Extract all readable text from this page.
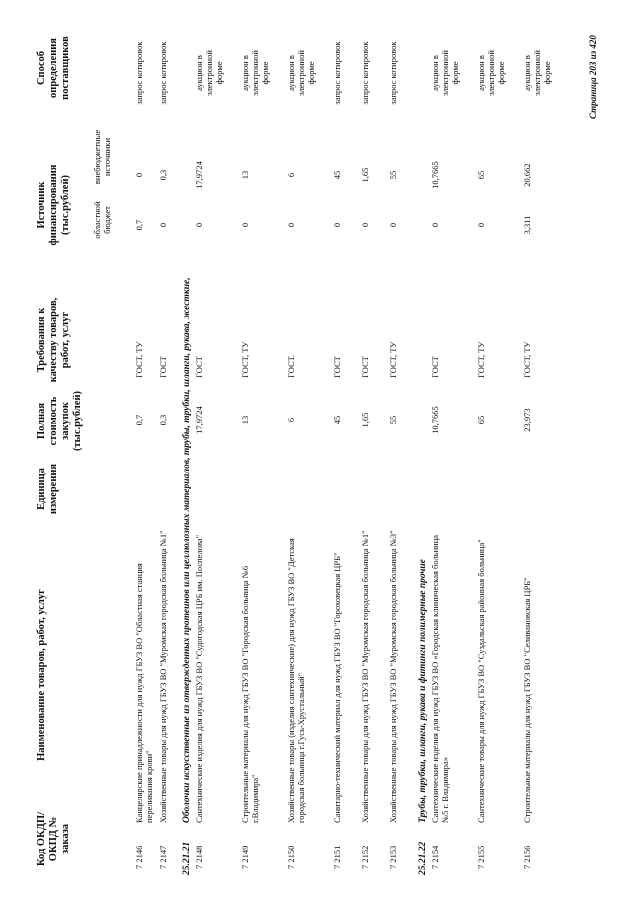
Код ОКДП/ ОКПД № заказа
Наименование товаров, работ, услуг
Единица измерения
Полная стоимость закупок (тыс.рублей)
Требования к качеству товаров, работ, услуг
Источник финансирования (тыс.рублей) областной бюджет
внебюджетные источники
Способ определения поставщиков
7 2146
Канцелярские принадлежности для нужд ГБУЗ ВО "Областная станция переливания крови"
0,7
ГОСТ, ТУ
0,7
0
запрос котировок
7 2147
Хозяйственные товары для нужд ГБУЗ ВО "Муромская городская больница №1"
0,3
ГОСТ
0
0,3
запрос котировок
25.21.21
Оболочки искусственные из отвержденных протеинов или целлюлозных материалов, трубы, трубки, шланги, рукава, жесткие,
7 2148
Сантехнические изделия для нужд ГБУЗ ВО "Судогодская ЦРБ им. Поспелова"
17,9724
ГОСТ
0
17,9724
аукцион в электронной форме
7 2149
Строительные материалы для нужд ГБУЗ ВО "Городская больница №6 г.Владимира"
13
ГОСТ, ТУ
0
13
аукцион в электронной форме
7 2150
Хозяйственные товары (изделия сантехнические) для нужд ГБУЗ ВО "Детская городская больница г.Гусь-Хрустальный"
6
ГОСТ.
0
6
аукцион в электронной форме
7 2151
Санитарно-технический материал для нужд ГБУЗ ВО "Гороховецкая ЦРБ"
45
ГОСТ
0
45
запрос котировок
7 2152
Хозяйственные товары для нужд ГБУЗ ВО "Муромская городская больница №1"
1,65
ГОСТ
0
1,65
запрос котировок
7 2153
Хозяйственные товары для нужд ГБУЗ ВО "Муромская городская больница №3"
55
ГОСТ, ТУ
0
55
запрос котировок
25.21.22
Трубы, трубки, шланги, рукава и фитинги полимерные прочие
7 2154
Сантехнические изделия для нужд ГБУЗ ВО «Городская клиническая больница №5 г. Владимира»
10,7665
ГОСТ
0
10,7665
аукцион в электронной форме
7 2155
Сантехнические товары для нужд ГБУЗ ВО "Суздальская районная больница"
65
ГОСТ, ТУ
0
65
аукцион в электронной форме
7 2156
Строительные материалы для нужд ГБУЗ ВО "Селивановская ЦРБ"
23,973
ГОСТ, ТУ
3,311
20,662
аукцион в электронной форме	Страница 203 из 420
